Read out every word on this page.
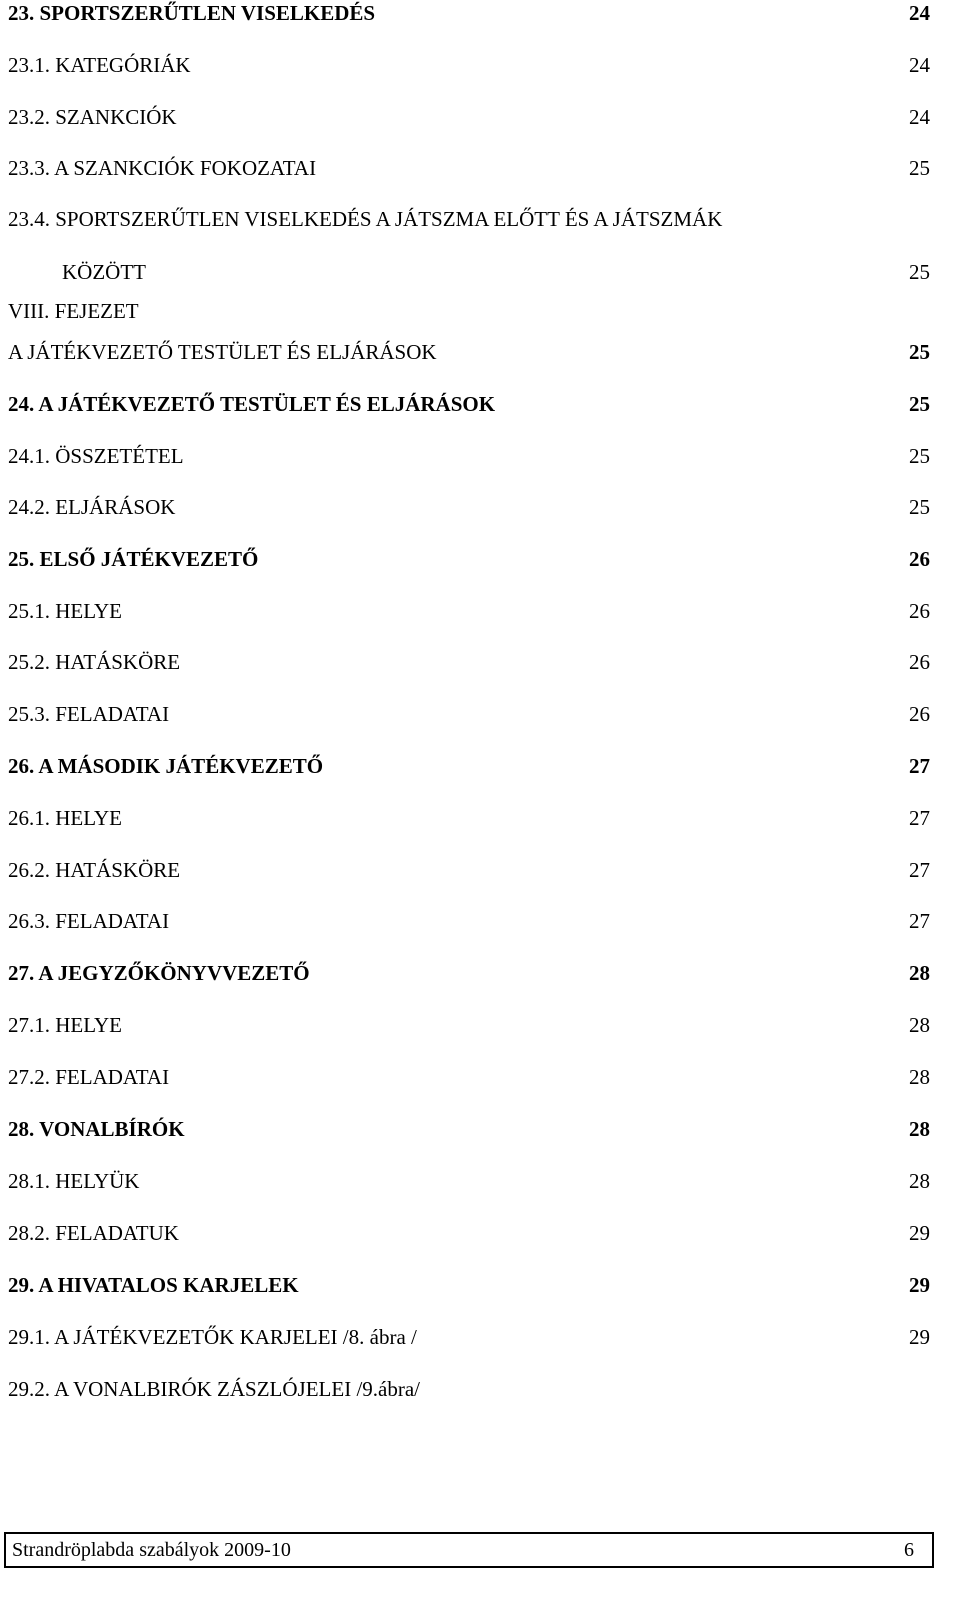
23. SPORTSZERŰTLEN VISELKEDÉS	24
23.1. KATEGÓRIÁK	24
23.2. SZANKCIÓK	24
23.3. A SZANKCIÓK FOKOZATAI	25
23.4. SPORTSZERŰTLEN VISELKEDÉS A JÁTSZMA ELŐTT ÉS A JÁTSZMÁK
KÖZÖTT	25
VIII. FEJEZET
A JÁTÉKVEZETŐ TESTÜLET ÉS ELJÁRÁSOK	25
24. A JÁTÉKVEZETŐ TESTÜLET ÉS ELJÁRÁSOK	25
24.1. ÖSSZETÉTEL	25
24.2. ELJÁRÁSOK	25
25. ELSŐ JÁTÉKVEZETŐ	26
25.1. HELYE	26
25.2. HATÁSKÖRE	26
25.3. FELADATAI	26
26. A MÁSODIK JÁTÉKVEZETŐ	27
26.1. HELYE	27
26.2. HATÁSKÖRE	27
26.3. FELADATAI	27
27. A JEGYZŐKÖNYVVEZETŐ	28
27.1. HELYE	28
27.2. FELADATAI	28
28. VONALBÍRÓK	28
28.1. HELYÜK	28
28.2. FELADATUK	29
29. A HIVATALOS KARJELEK	29
29.1. A JÁTÉKVEZETŐK KARJELEI /8. ábra /	29
29.2. A VONALBIRÓK ZÁSZLÓJELEI /9.ábra/
Strandröplabda szabályok 2009-10	6
